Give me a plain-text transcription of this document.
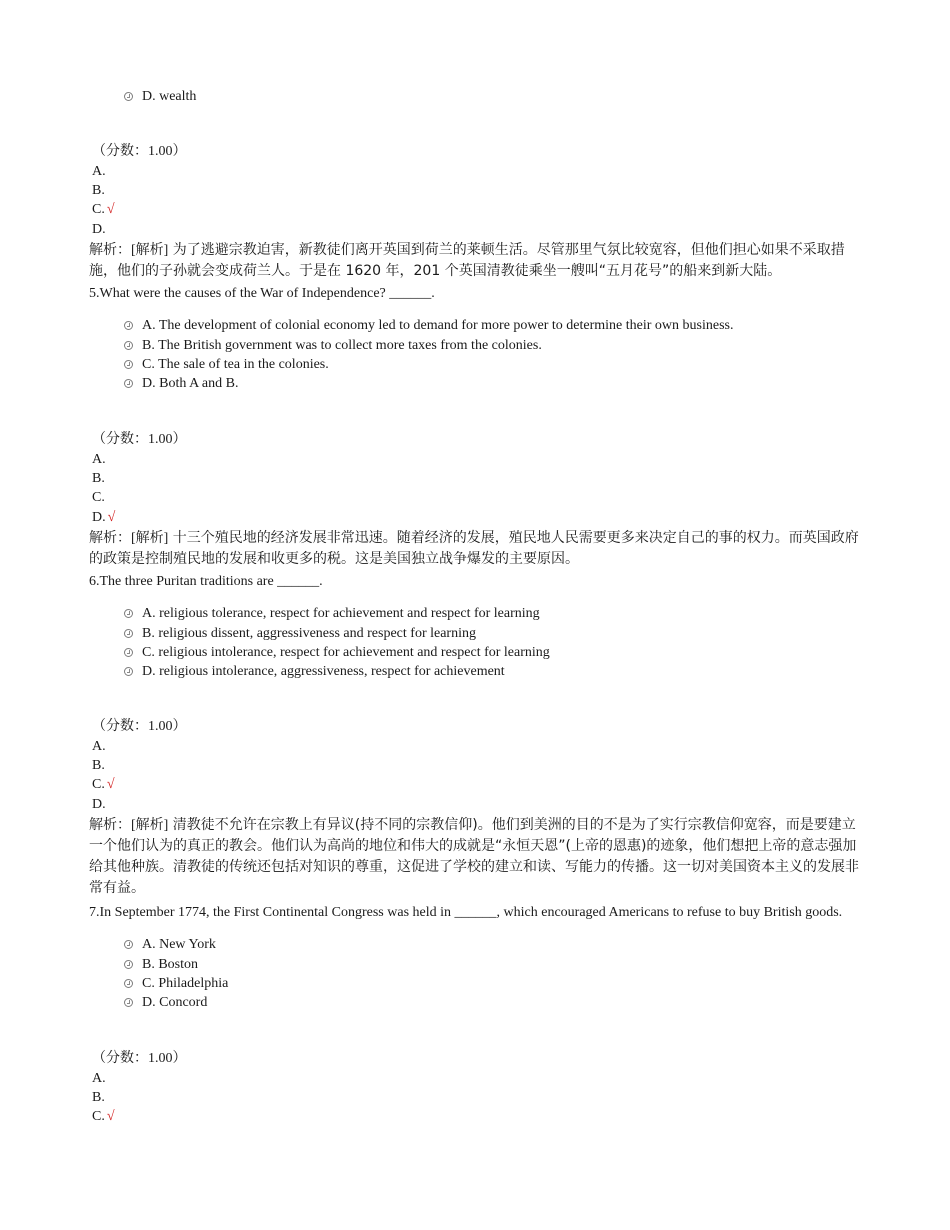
D. wealth
（分数：1.00）
A.
B.
C. √
D.
解析：[解析] 为了逃避宗教迫害，新教徒们离开英国到荷兰的莱顿生活。尽管那里气氛比较宽容，但他们担心如果不采取措施，他们的子孙就会变成荷兰人。于是在 1620 年，201 个英国清教徒乘坐一艘叫“五月花号”的船来到新大陆。
5.What were the causes of the War of Independence? ______.
A. The development of colonial economy led to demand for more power to determine their own business.
B. The British government was to collect more taxes from the colonies.
C. The sale of tea in the colonies.
D. Both A and B.
（分数：1.00）
A.
B.
C.
D. √
解析：[解析] 十三个殖民地的经济发展非常迅速。随着经济的发展，殖民地人民需要更多来决定自己的事的权力。而英国政府的政策是控制殖民地的发展和收更多的税。这是美国独立战争爆发的主要原因。
6.The three Puritan traditions are ______.
A. religious tolerance, respect for achievement and respect for learning
B. religious dissent, aggressiveness and respect for learning
C. religious intolerance, respect for achievement and respect for learning
D. religious intolerance, aggressiveness, respect for achievement
（分数：1.00）
A.
B.
C. √
D.
解析：[解析] 清教徒不允许在宗教上有异议(持不同的宗教信仰)。他们到美洲的目的不是为了实行宗教信仰宽容，而是要建立一个他们认为的真正的教会。他们认为高尚的地位和伟大的成就是“永恒天恩”(上帝的恩惠)的迹象，他们想把上帝的意志强加给其他种族。清教徒的传统还包括对知识的尊重，这促进了学校的建立和读、写能力的传播。这一切对美国资本主义的发展非常有益。
7.In September 1774, the First Continental Congress was held in ______, which encouraged Americans to refuse to buy British goods.
A. New York
B. Boston
C. Philadelphia
D. Concord
（分数：1.00）
A.
B.
C. √
